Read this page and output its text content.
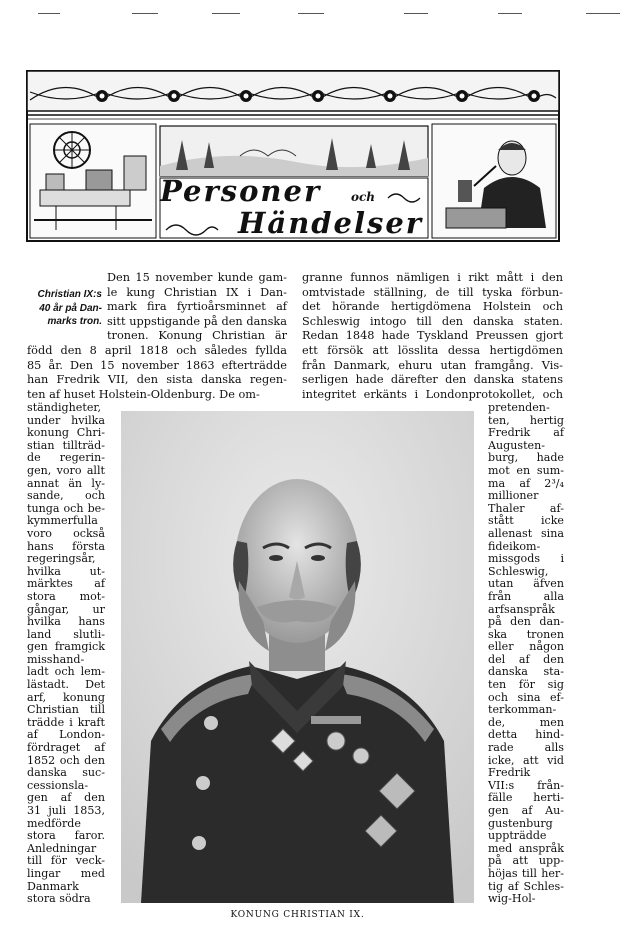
Personer och
Händelser
Christian IX:s
40 år på Dan-
marks tron.
Den 15 november kunde gam-
le kung Christian IX i Dan-
mark fira fyrtioårsminnet af
sitt uppstigande på den danska
tronen. Konung Christian är
född den 8 april 1818 och således fyllda
85 år. Den 15 november 1863 efterträdde
han Fredrik VII, den sista danska regen-
ten af huset Holstein-Oldenburg. De om-
ständigheter,
under hvilka
konung Chri-
stian tillträd-
de regerin-
gen, voro allt
annat än ly-
sande, och
tunga och be-
kymmerfulla
voro också
hans första
regeringsår,
hvilka ut-
märktes af
stora mot-
gångar, ur
hvilka hans
land slutli-
gen framgick
misshand-
ladt och lem-
lästadt. Det
arf, konung
Christian till
trädde i kraft
af London-
fördraget af
1852 och den
danska suc-
cessionsla-
gen af den
31 juli 1853,
medförde
stora faror.
Anledningar
till för veck-
lingar med
Danmark
stora södra
granne funnos nämligen i rikt mått i den
omtvistade ställning, de till tyska förbun-
det hörande hertigdömena Holstein och
Schleswig intogo till den danska staten.
Redan 1848 hade Tyskland Preussen gjort
ett försök att lösslita dessa hertigdömen
från Danmark, ehuru utan framgång. Vis-
serligen hade därefter den danska statens
integritet erkänts i Londonprotokollet, och
pretenden-
ten, hertig
Fredrik af
Augusten-
burg, hade
mot en sum-
ma af 2³/₄
millioner
Thaler af-
stått icke
allenast sina
fideikom-
missgods i
Schleswig,
utan äfven
från alla
arfsanspråk
på den dan-
ska tronen
eller någon
del af den
danska sta-
ten för sig
och sina ef-
terkomman-
de, men
detta hind-
rade alls
icke, att vid
Fredrik
VII:s från-
fälle herti-
gen af Au-
gustenburg
uppträdde
med anspråk
på att upp-
höjas till her-
tig af Schles-
wig-Hol-
KONUNG CHRISTIAN IX.
